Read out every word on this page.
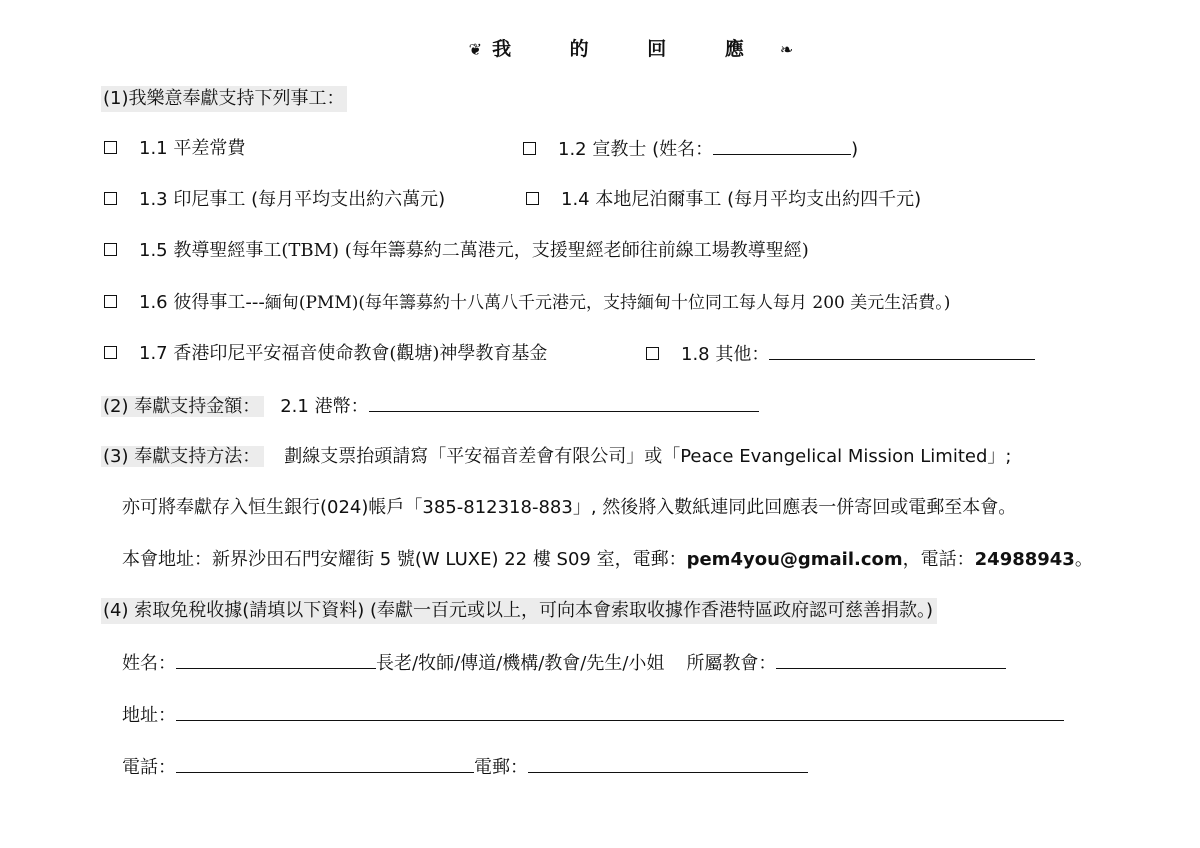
❦ 我 的 回 應 ❧
(1)我樂意奉獻支持下列事工：
1.1 平差常費	1.2 宣教士 (姓名：	)
1.3 印尼事工 (每月平均支出約六萬元)	1.4 本地尼泊爾事工 (每月平均支出約四千元)
1.5 教導聖經事工(TBM) (每年籌募約二萬港元，支援聖經老師往前線工場教導聖經)
1.6 彼得事工---緬甸(PMM)(每年籌募約十八萬八千元港元，支持緬甸十位同工每人每月 200 美元生活費。)
1.7 香港印尼平安福音使命教會(觀塘)神學教育基金	1.8 其他：
(2) 奉獻支持金額： 2.1 港幣：
(3) 奉獻支持方法： 劃線支票抬頭請寫「平安福音差會有限公司」或「Peace Evangelical Mission Limited」;
亦可將奉獻存入恒生銀行(024)帳戶「385-812318-883」, 然後將入數紙連同此回應表一併寄回或電郵至本會。
本會地址：新界沙田石門安耀街 5 號(W LUXE) 22 樓 S09 室，電郵：pem4you@gmail.com，電話：24988943。
(4) 索取免稅收據(請填以下資料) (奉獻一百元或以上，可向本會索取收據作香港特區政府認可慈善捐款。)
姓名：	長老/牧師/傳道/機構/教會/先生/小姐 所屬教會：
地址：
電話：	電郵：
